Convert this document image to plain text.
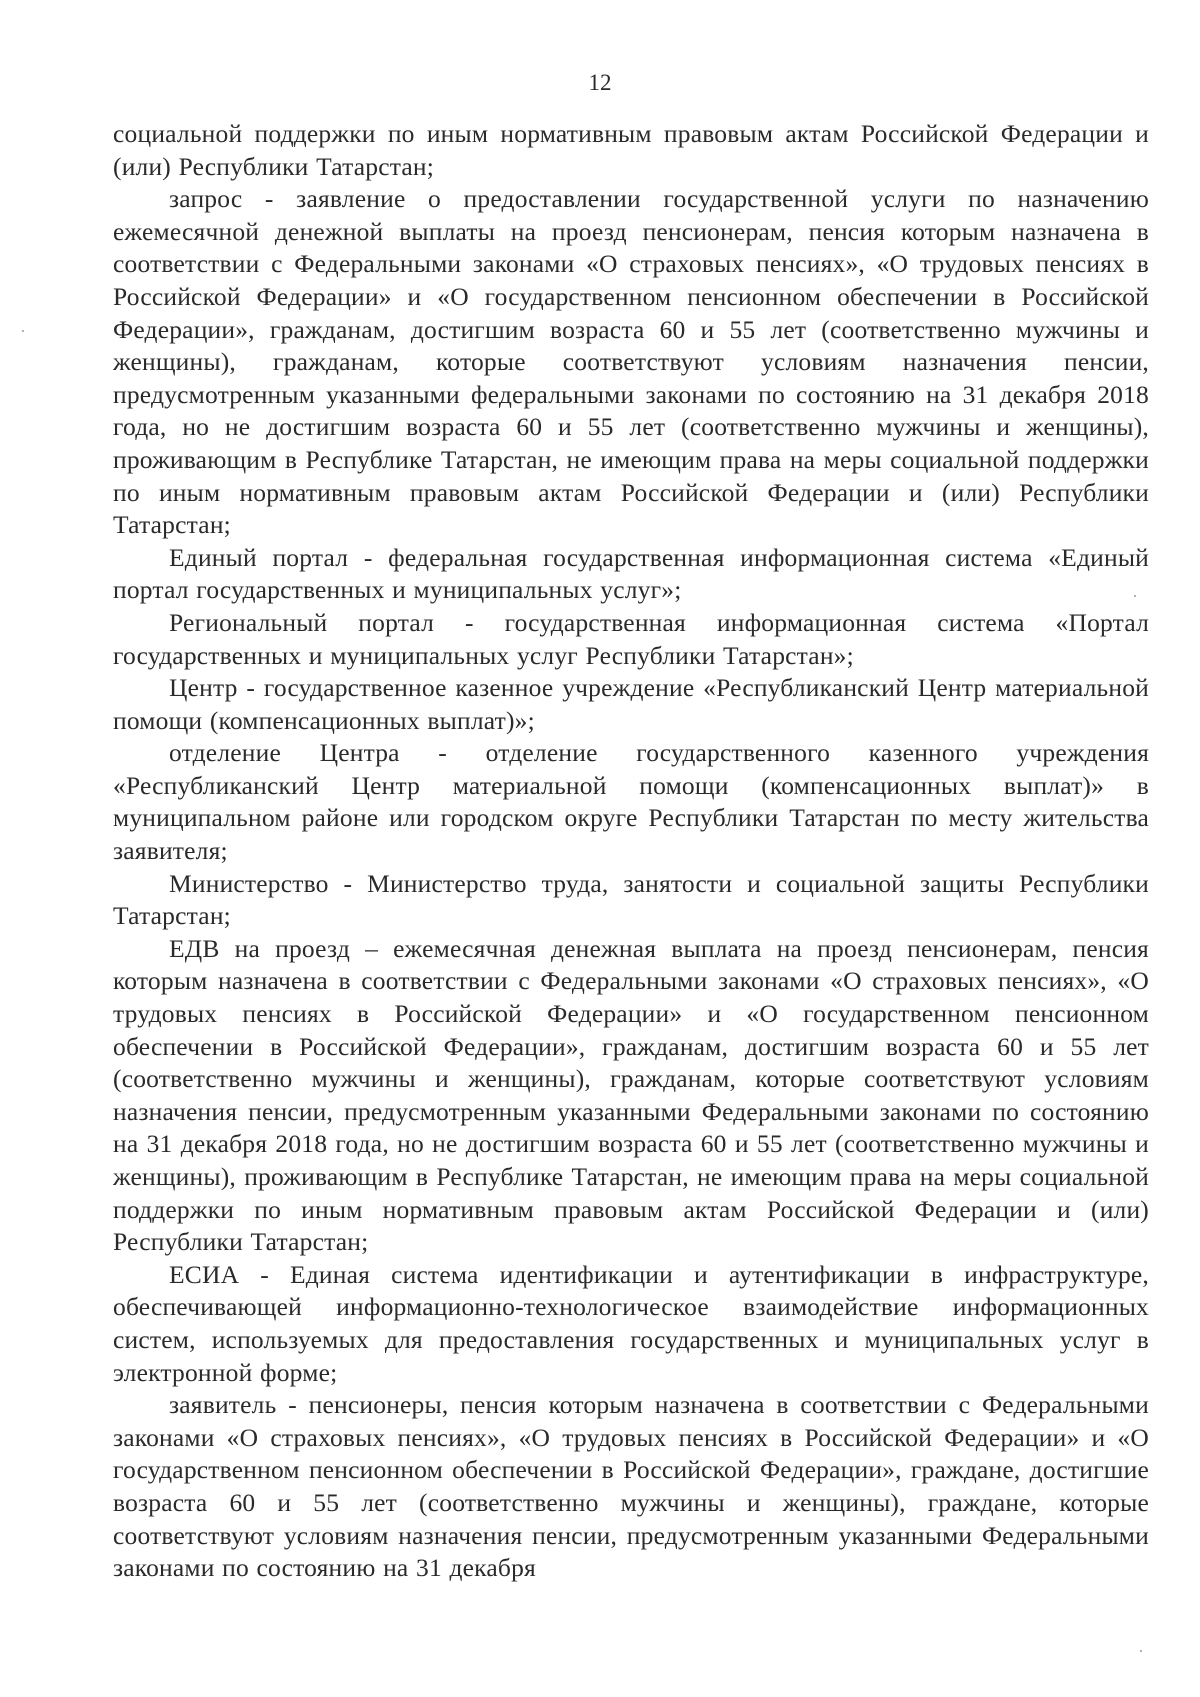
12

социальной поддержки по иным нормативным правовым актам Российской Федерации и (или) Республики Татарстан;

запрос - заявление о предоставлении государственной услуги по назначению ежемесячной денежной выплаты на проезд пенсионерам, пенсия которым назначена в соответствии с Федеральными законами «О страховых пенсиях», «О трудовых пенсиях в Российской Федерации» и «О государственном пенсионном обеспечении в Российской Федерации», гражданам, достигшим возраста 60 и 55 лет (соответственно мужчины и женщины), гражданам, которые соответствуют условиям назначения пенсии, предусмотренным указанными федеральными законами по состоянию на 31 декабря 2018 года, но не достигшим возраста 60 и 55 лет (соответственно мужчины и женщины), проживающим в Республике Татарстан, не имеющим права на меры социальной поддержки по иным нормативным правовым актам Российской Федерации и (или) Республики Татарстан;

Единый портал - федеральная государственная информационная система «Единый портал государственных и муниципальных услуг»;

Региональный портал - государственная информационная система «Портал государственных и муниципальных услуг Республики Татарстан»;

Центр - государственное казенное учреждение «Республиканский Центр материальной помощи (компенсационных выплат)»;

отделение Центра - отделение государственного казенного учреждения «Республиканский Центр материальной помощи (компенсационных выплат)» в муниципальном районе или городском округе Республики Татарстан по месту жительства заявителя;

Министерство - Министерство труда, занятости и социальной защиты Республики Татарстан;

ЕДВ на проезд – ежемесячная денежная выплата на проезд пенсионерам, пенсия которым назначена в соответствии с Федеральными законами «О страховых пенсиях», «О трудовых пенсиях в Российской Федерации» и «О государственном пенсионном обеспечении в Российской Федерации», гражданам, достигшим возраста 60 и 55 лет (соответственно мужчины и женщины), гражданам, которые соответствуют условиям назначения пенсии, предусмотренным указанными Федеральными законами по состоянию на 31 декабря 2018 года, но не достигшим возраста 60 и 55 лет (соответственно мужчины и женщины), проживающим в Республике Татарстан, не имеющим права на меры социальной поддержки по иным нормативным правовым актам Российской Федерации и (или) Республики Татарстан;

ЕСИА - Единая система идентификации и аутентификации в инфраструктуре, обеспечивающей информационно-технологическое взаимодействие информационных систем, используемых для предоставления государственных и муниципальных услуг в электронной форме;

заявитель - пенсионеры, пенсия которым назначена в соответствии с Федеральными законами «О страховых пенсиях», «О трудовых пенсиях в Российской Федерации» и «О государственном пенсионном обеспечении в Российской Федерации», граждане, достигшие возраста 60 и 55 лет (соответственно мужчины и женщины), граждане, которые соответствуют условиям назначения пенсии, предусмотренным указанными Федеральными законами по состоянию на 31 декабря
